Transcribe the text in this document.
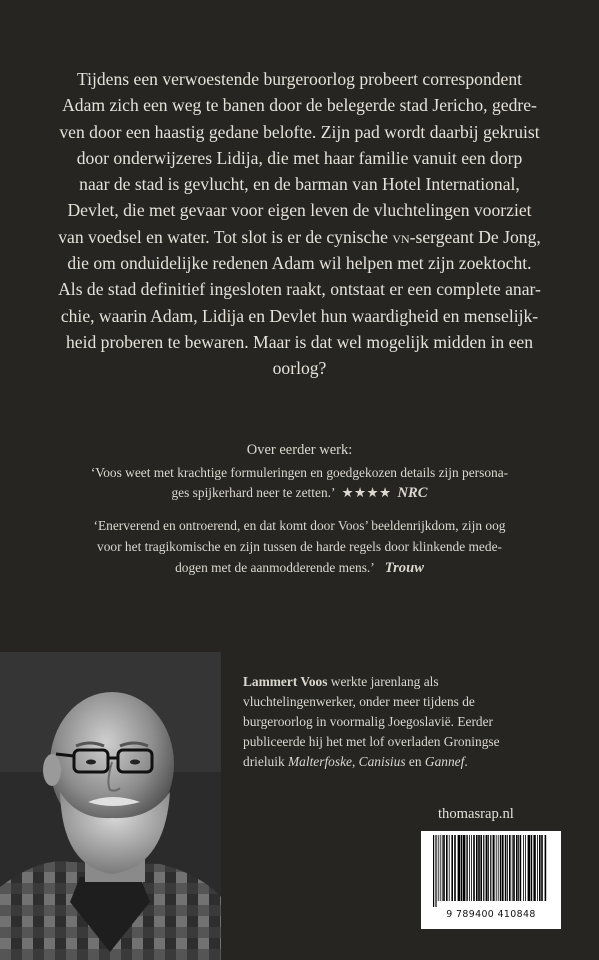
Tijdens een verwoestende burgeroorlog probeert correspondent
Adam zich een weg te banen door de belegerde stad Jericho, gedre-
ven door een haastig gedane belofte. Zijn pad wordt daarbij gekruist
door onderwijzeres Lidija, die met haar familie vanuit een dorp
naar de stad is gevlucht, en de barman van Hotel International,
Devlet, die met gevaar voor eigen leven de vluchtelingen voorziet
van voedsel en water. Tot slot is er de cynische vn-sergeant De Jong,
die om onduidelijke redenen Adam wil helpen met zijn zoektocht.
Als de stad definitief ingesloten raakt, ontstaat er een complete anar-
chie, waarin Adam, Lidija en Devlet hun waardigheid en menselijk-
heid proberen te bewaren. Maar is dat wel mogelijk midden in een
oorlog?
Over eerder werk:
‘Voos weet met krachtige formuleringen en goedgekozen details zijn persona-
ges spijkerhard neer te zetten.’ ★★★★ NRC
‘Enerverend en ontroerend, en dat komt door Voos’ beeldenrijkdom, zijn oog
voor het tragikomische en zijn tussen de harde regels door klinkende mede-
dogen met de aanmodderende mens.’ Trouw
Lammert Voos werkte jarenlang als
vluchtelingenwerker, onder meer tijdens de
burgeroorlog in voormalig Joegoslavië. Eerder
publiceerde hij het met lof overladen Groningse
drieluik Malterfoske, Canisius en Gannef.
thomasrap.nl
9 789400 410848
